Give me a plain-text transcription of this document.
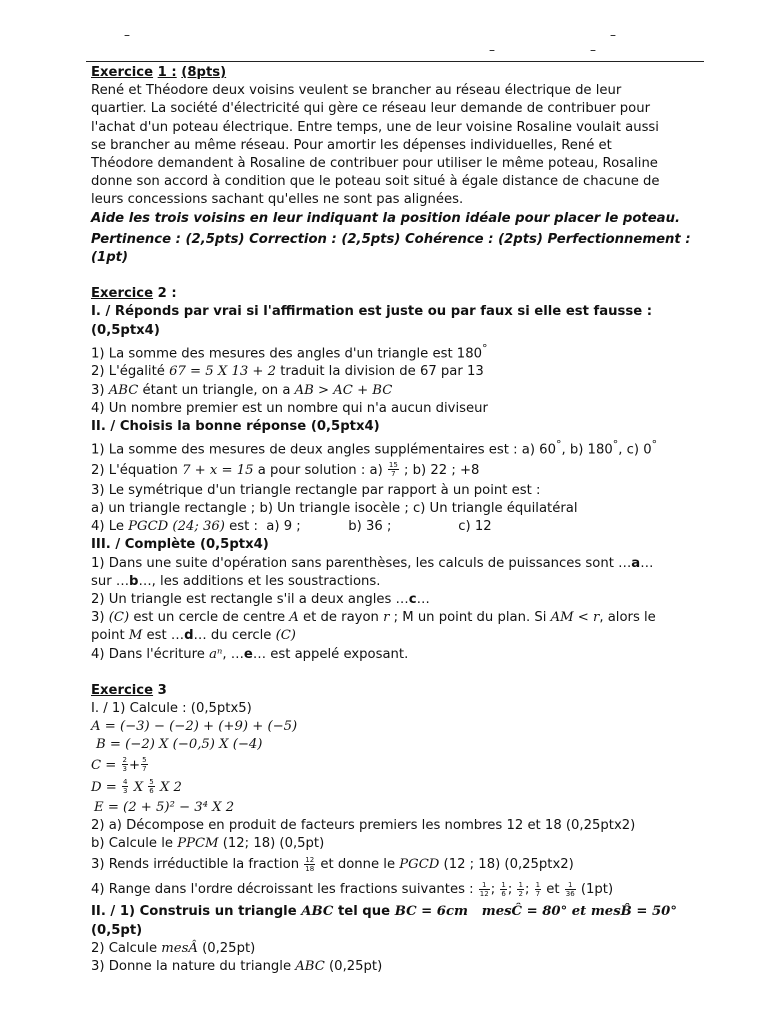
–	–
–	–
Exercice 1 : (8pts)
René et Théodore deux voisins veulent se brancher au réseau électrique de leur
quartier. La société d'électricité qui gère ce réseau leur demande de contribuer pour
l'achat d'un poteau électrique. Entre temps, une de leur voisine Rosaline voulait aussi
se brancher au même réseau. Pour amortir les dépenses individuelles, René et
Théodore demandent à Rosaline de contribuer pour utiliser le même poteau, Rosaline
donne son accord à condition que le poteau soit situé à égale distance de chacune de
leurs concessions sachant qu'elles ne sont pas alignées.
Aide les trois voisins en leur indiquant la position idéale pour placer le poteau.
Pertinence : (2,5pts) Correction : (2,5pts) Cohérence : (2pts) Perfectionnement :
(1pt)
Exercice 2 :
I. / Réponds par vrai si l'affirmation est juste ou par faux si elle est fausse :
(0,5ptx4)
1) La somme des mesures des angles d'un triangle est 180°
2) L'égalité 67 = 5 X 13 + 2 traduit la division de 67 par 13
3) ABC étant un triangle, on a AB > AC + BC
4) Un nombre premier est un nombre qui n'a aucun diviseur
II. / Choisis la bonne réponse (0,5ptx4)
1) La somme des mesures de deux angles supplémentaires est : a) 60°, b) 180°, c) 0°
2) L'équation 7 + x = 15 a pour solution : $a) \frac{15}{7}$ ; b) 22 ; +8
3) Le symétrique d'un triangle rectangle par rapport à un point est :
a) un triangle rectangle ; b) Un triangle isocèle ; c) Un triangle équilatéral
4) Le PGCD (24; 36) est : a) 9 ;	b) 36 ;	c) 12
III. / Complète (0,5ptx4)
1) Dans une suite d'opération sans parenthèses, les calculs de puissances sont …a…
sur …b…, les additions et les soustractions.
2) Un triangle est rectangle s'il a deux angles …c…
3) (C) est un cercle de centre A et de rayon r ; M un point du plan. Si AM < r, alors le
point M est …d… du cercle (C)
4) Dans l'écriture aⁿ, …e… est appelé exposant.
Exercice 3
I. / 1) Calcule : (0,5ptx5)
A = (−3) − (−2) + (+9) + (−5)
B = (−2) X (−0,5) X (−4)
$C = \frac{2}{3} + \frac{5}{7}$
$D = \frac{4}{3}$ X $\frac{5}{6}$ X 2
E = (2 + 5)² − 3⁴ X 2
2) a) Décompose en produit de facteurs premiers les nombres 12 et 18 (0,25ptx2)
b) Calcule le PPCM (12; 18) (0,5pt)
3) Rends irréductible la fraction $\frac{12}{18}$ et donne le PGCD (12 ; 18) (0,25ptx2)
4) Range dans l'ordre décroissant les fractions suivantes : $\frac{1}{12}$ ; $\frac{1}{6}$ ; $\frac{1}{2}$ ; $\frac{1}{7}$ et $\frac{1}{36} (1pt)$
II. / 1) Construis un triangle ABC tel que BC = 6cm mesĈ = 80° et mesB̂ = 50°
(0,5pt)
2) Calcule mesÂ (0,25pt)
3) Donne la nature du triangle ABC (0,25pt)
